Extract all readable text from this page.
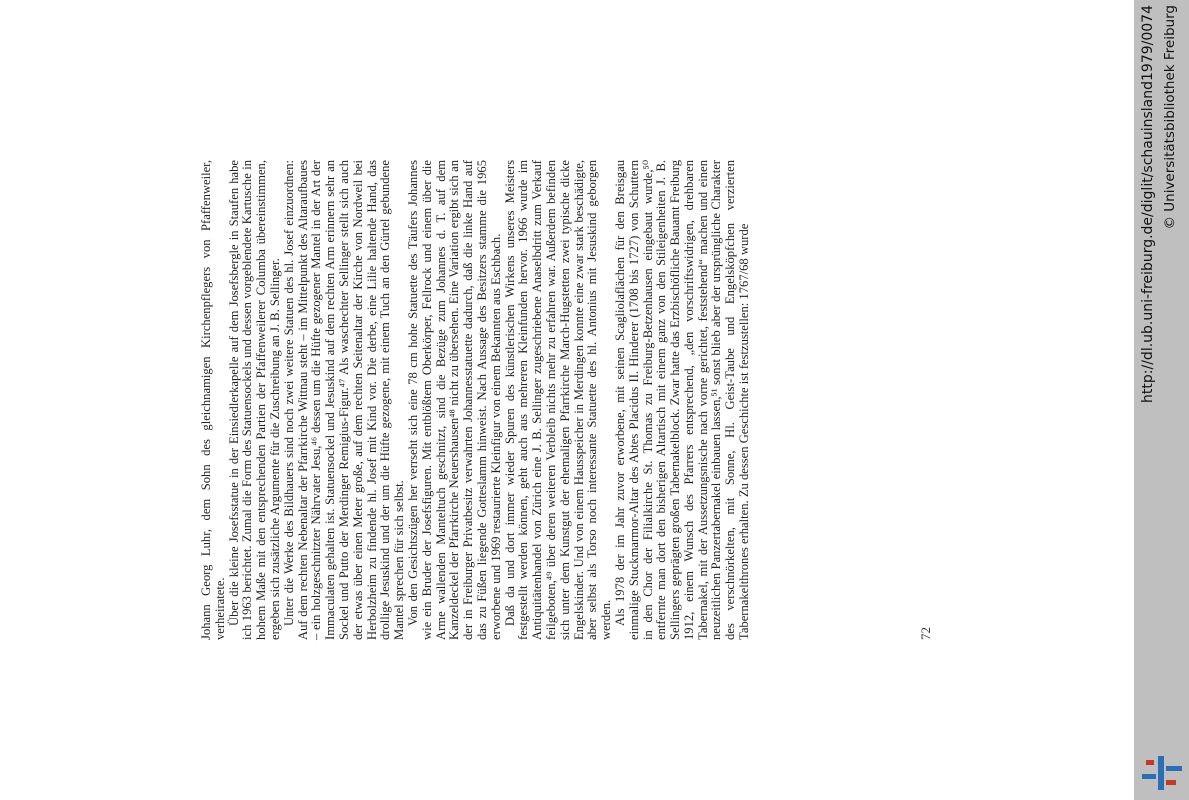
Johann Georg Luhr, dem Sohn des gleichnamigen Kirchenpflegers von Pfaffenweiler, verheiratete. Über die kleine Josefsstatue in der Einsiedlerkapelle auf dem Josefsbergle in Staufen habe ich 1963 berichtet. Zumal die Form des Statuensockels und dessen vorgeblendete Kartusche in hohem Maße mit den entsprechenden Partien der Pfaffenweilerer Columba übereinstimmen, ergeben sich zusätzliche Argumente für die Zuschreibung an J. B. Sellinger. Unter die Werke des Bildhauers sind noch zwei weitere Statuen des hl. Josef einzuordnen: Auf dem rechten Nebenaltar der Pfarrkirche Wittnau steht – im Mittelpunkt des Altaraufbaues – ein holzgeschnitzter Nährvater Jesu,⁴⁶ dessen um die Hüfte gezogener Mantel in der Art der Immaculaten gehalten ist. Statuensockel und Jesuskind auf dem rechten Arm erinnern sehr an Sockel und Putto der Merdinger Remigius-Figur.⁴⁷ Als waschechter Sellinger stellt sich auch der etwas über einen Meter große, auf dem rechten Seitenaltar der Kirche von Nordweil bei Herbolzheim zu findende hl. Josef mit Kind vor. Die derbe, eine Lilie haltende Hand, das drollige Jesuskind und der um die Hüfte gezogene, mit einem Tuch an den Gürtel gebundene Mantel sprechen für sich selbst. Von den Gesichtszügen her verrseht sich eine 78 cm hohe Statuette des Täufers Johannes wie ein Bruder der Josefsfiguren. Mit entblößtem Oberkörper, Fellrock und einem über die Arme wallenden Manteltuch geschnitzt, sind die Bezüge zum Johannes d. T. auf dem Kanzeldeckel der Pfarrkirche Neuershausen⁴⁸ nicht zu übersehen. Eine Variation ergibt sich an der in Freiburger Privatbesitz verwahrten Johannesstatuette dadurch, daß die linke Hand auf das zu Füßen liegende Gotteslamm hinweist. Nach Aussage des Besitzers stamme die 1965 erworbene und 1969 restaurierte Kleinfigur von einem Bekannten aus Eschbach. Daß da und dort immer wieder Spuren des künstlerischen Wirkens unseres Meisters festgestellt werden können, geht auch aus mehreren Kleinfunden hervor. 1966 wurde im Antiquitätenhandel von Zürich eine J. B. Sellinger zugeschriebene Anaselbdritt zum Verkauf feilgeboten,⁴⁹ über deren weiteren Verbleib nichts mehr zu erfahren war. Außerdem befinden sich unter dem Kunstgut der ehemaligen Pfarrkirche March-Hugstetten zwei typische dicke Engelskinder. Und von einem Hausspeicher in Merdingen konnte eine zwar stark beschädigte, aber selbst als Torso noch interessante Statuette des hl. Antonius mit Jesuskind geborgen werden. Als 1978 der im Jahr zuvor erworbene, mit seinen Scagliolaflächen für den Breisgau einmalige Stuckmarmor-Altar des Abtes Placidus II. Hinderer (1708 bis 1727) von Schuttern in den Chor der Filialkirche St. Thomas zu Freiburg-Betzenhausen eingebaut wurde,⁵⁰ entfernte man dort den bisherigen Altartisch mit einem ganz von den Stileigenheiten J. B. Sellingers geprägten großen Tabernakelblock. Zwar hatte das Erzbischöfliche Bauamt Freiburg 1912, einem Wunsch des Pfarrers entsprechend, „den vorschriftswidrigen, drehbaren Tabernakel, mit der Aussetzungsnische nach vorne gerichtet, feststehend“ machen und einen neuzeitlichen Panzertabernakel einbauen lassen,⁵¹ sonst blieb aber der ursprüngliche Charakter des verschnörkelten, mit Sonne, Hl. Geist-Taube und Engelsköpfchen verzierten Tabernakelthrones erhalten. Zu dessen Geschichte ist festzustellen: 1767/68 wurde	72
http://dl.ub.uni-freiburg.de/diglit/schauinsland1979/0074 © Universitätsbibliothek Freiburg
